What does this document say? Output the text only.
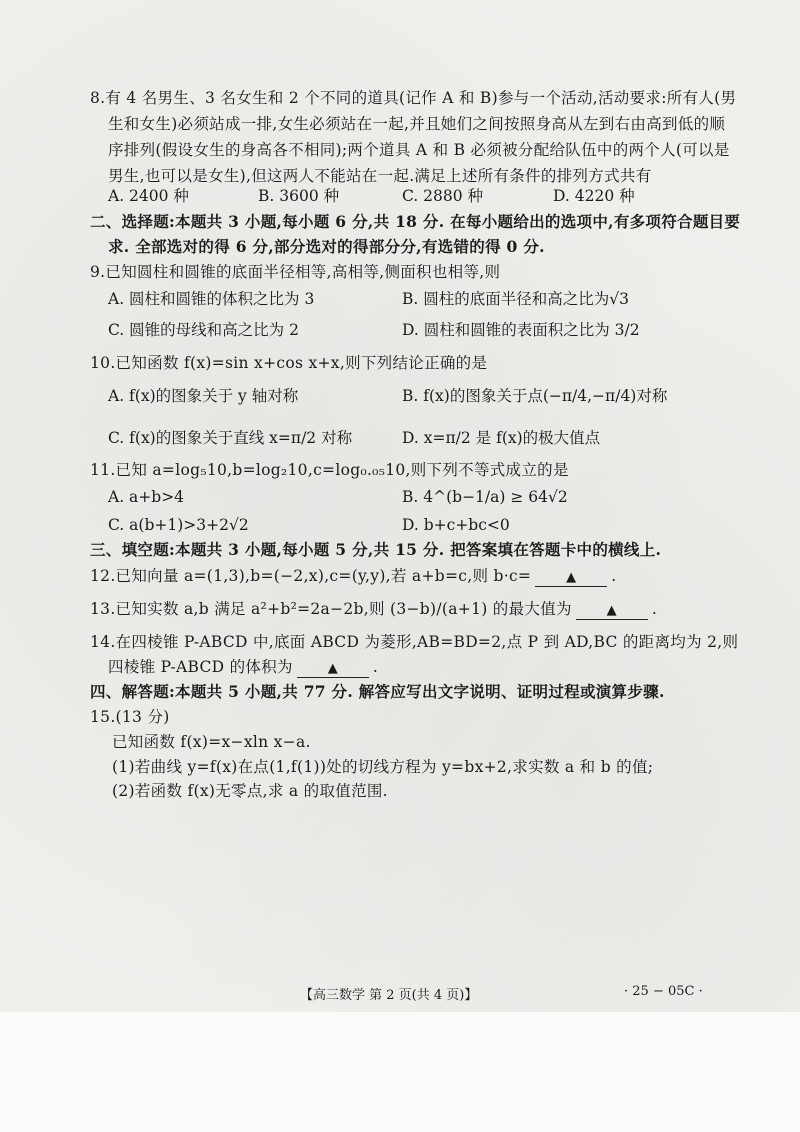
8.有 4 名男生、3 名女生和 2 个不同的道具(记作 A 和 B)参与一个活动,活动要求:所有人(男
生和女生)必须站成一排,女生必须站在一起,并且她们之间按照身高从左到右由高到低的顺
序排列(假设女生的身高各不相同);两个道具 A 和 B 必须被分配给队伍中的两个人(可以是
男生,也可以是女生),但这两人不能站在一起.满足上述所有条件的排列方式共有
A. 2400 种	B. 3600 种	C. 2880 种	D. 4220 种
二、选择题:本题共 3 小题,每小题 6 分,共 18 分. 在每小题给出的选项中,有多项符合题目要
求. 全部选对的得 6 分,部分选对的得部分分,有选错的得 0 分.
9.已知圆柱和圆锥的底面半径相等,高相等,侧面积也相等,则
A. 圆柱和圆锥的体积之比为 3	B. 圆柱的底面半径和高之比为√3
C. 圆锥的母线和高之比为 2	D. 圆柱和圆锥的表面积之比为 3/2
10.已知函数 f(x)=sin x+cos x+x,则下列结论正确的是
A. f(x)的图象关于 y 轴对称	B. f(x)的图象关于点(−π/4,−π/4)对称
C. f(x)的图象关于直线 x=π/2 对称	D. x=π/2 是 f(x)的极大值点
11.已知 a=log₅10,b=log₂10,c=log₀.₀₅10,则下列不等式成立的是
A. a+b>4	B. 4^(b−1/a) ≥ 64√2
C. a(b+1)>3+2√2	D. b+c+bc<0
三、填空题:本题共 3 小题,每小题 5 分,共 15 分. 把答案填在答题卡中的横线上.
12.已知向量 a=(1,3),b=(−2,x),c=(y,y),若 a+b=c,则 b·c=	▲ .
13.已知实数 a,b 满足 a²+b²=2a−2b,则 (3−b)/(a+1) 的最大值为	▲ .
14.在四棱锥 P-ABCD 中,底面 ABCD 为菱形,AB=BD=2,点 P 到 AD,BC 的距离均为 2,则
四棱锥 P-ABCD 的体积为	▲ .
四、解答题:本题共 5 小题,共 77 分. 解答应写出文字说明、证明过程或演算步骤.
15.(13 分)
已知函数 f(x)=x−xln x−a.
(1)若曲线 y=f(x)在点(1,f(1))处的切线方程为 y=bx+2,求实数 a 和 b 的值;
(2)若函数 f(x)无零点,求 a 的取值范围.
【高三数学 第 2 页(共 4 页)】	· 25 − 05C ·
